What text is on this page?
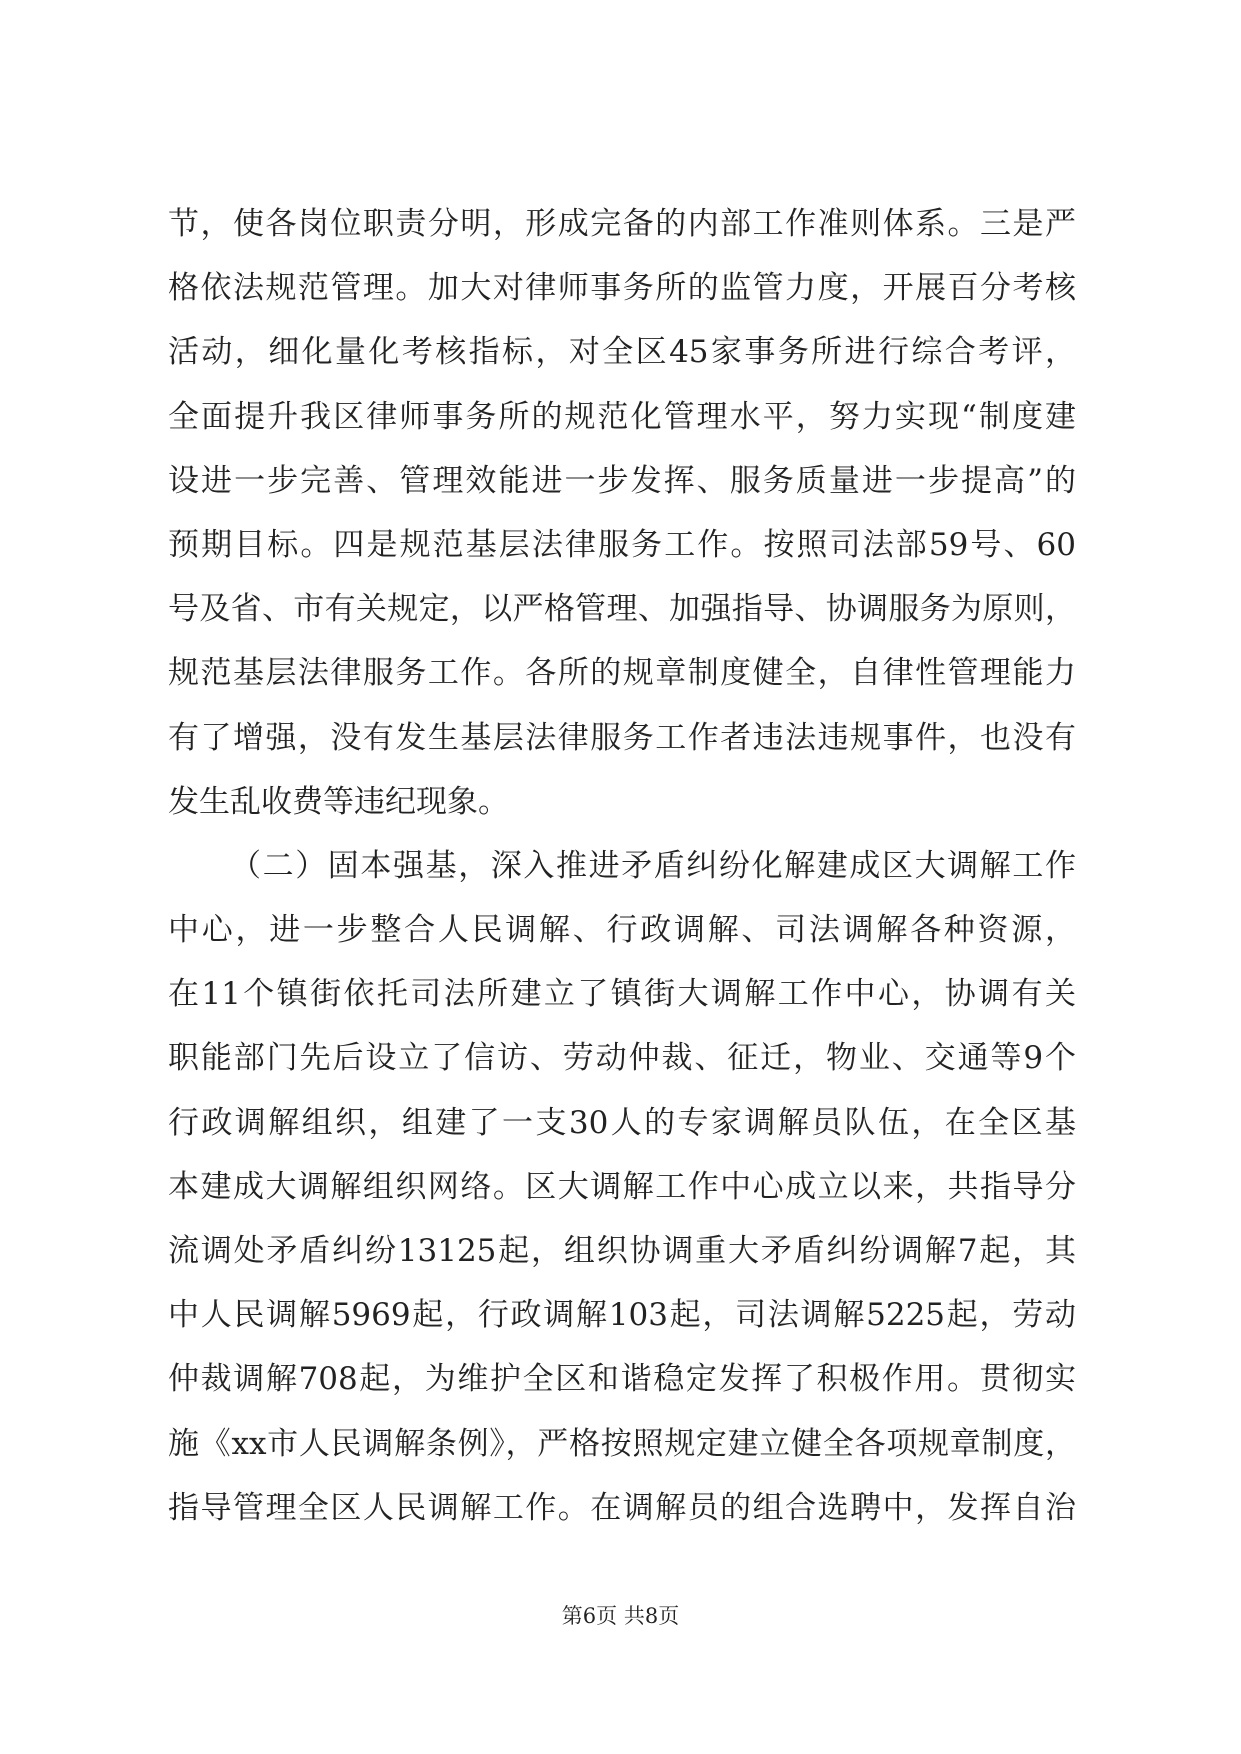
节，使各岗位职责分明，形成完备的内部工作准则体系。三是严
格依法规范管理。加大对律师事务所的监管力度，开展百分考核
活动，细化量化考核指标，对全区45家事务所进行综合考评，
全面提升我区律师事务所的规范化管理水平，努力实现“制度建
设进一步完善、管理效能进一步发挥、服务质量进一步提高”的
预期目标。四是规范基层法律服务工作。按照司法部59号、60
号及省、市有关规定，以严格管理、加强指导、协调服务为原则，
规范基层法律服务工作。各所的规章制度健全，自律性管理能力
有了增强，没有发生基层法律服务工作者违法违规事件，也没有
发生乱收费等违纪现象。
（二）固本强基，深入推进矛盾纠纷化解建成区大调解工作
中心，进一步整合人民调解、行政调解、司法调解各种资源，
在11个镇街依托司法所建立了镇街大调解工作中心，协调有关
职能部门先后设立了信访、劳动仲裁、征迁，物业、交通等9个
行政调解组织，组建了一支30人的专家调解员队伍，在全区基
本建成大调解组织网络。区大调解工作中心成立以来，共指导分
流调处矛盾纠纷13125起，组织协调重大矛盾纠纷调解7起，其
中人民调解5969起，行政调解103起，司法调解5225起，劳动
仲裁调解708起，为维护全区和谐稳定发挥了积极作用。贯彻实
施《xx市人民调解条例》，严格按照规定建立健全各项规章制度，
指导管理全区人民调解工作。在调解员的组合选聘中，发挥自治
第6页 共8页
